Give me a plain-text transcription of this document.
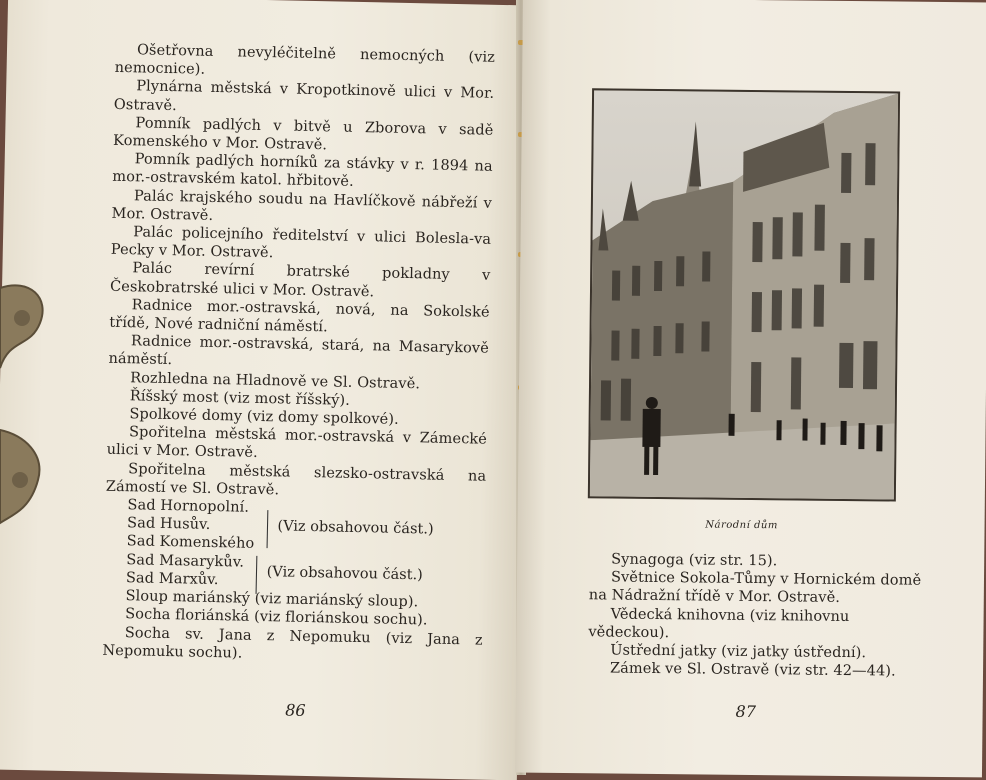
Ošetřovna nevyléčitelně nemocných (viz nemocnice).

Plynárna městská v Kropotkinově ulici v Mor. Ostravě.

Pomník padlých v bitvě u Zborova v sadě Komenského v Mor. Ostravě.

Pomník padlých horníků za stávky v r. 1894 na mor.-ostravském katol. hřbitově.

Palác krajského soudu na Havlíčkově nábřeží v Mor. Ostravě.

Palác policejního ředitelství v ulici Bolesla-va Pecky v Mor. Ostravě.

Palác revírní bratrské pokladny v Českobratrské ulici v Mor. Ostravě.

Radnice mor.-ostravská, nová, na Sokolské třídě, Nové radniční náměstí.

Radnice mor.-ostravská, stará, na Masarykově náměstí.

Rozhledna na Hladnově ve Sl. Ostravě.

Říšský most (viz most říšský).

Spolkové domy (viz domy spolkové).

Spořitelna městská mor.-ostravská v Zámecké ulici v Mor. Ostravě.

Spořitelna městská slezsko-ostravská na Zámostí ve Sl. Ostravě.

Sad Hornopolní.

Sad Husův.

Sad Komenského | (Viz obsahovou část.)

Sad Masarykův.

Sad Marxův. | (Viz obsahovou část.)

Sloup mariánský (viz mariánský sloup).

Socha floriánská (viz floriánskou sochu).

Socha sv. Jana z Nepomuku (viz Jana z Nepomuku sochu).

86
Národní dům

Synagoga (viz str. 15).

Světnice Sokola-Tůmy v Hornickém domě na Nádražní třídě v Mor. Ostravě.

Vědecká knihovna (viz knihovnu vědeckou).

Ústřední jatky (viz jatky ústřední).

Zámek ve Sl. Ostravě (viz str. 42—44).

87
